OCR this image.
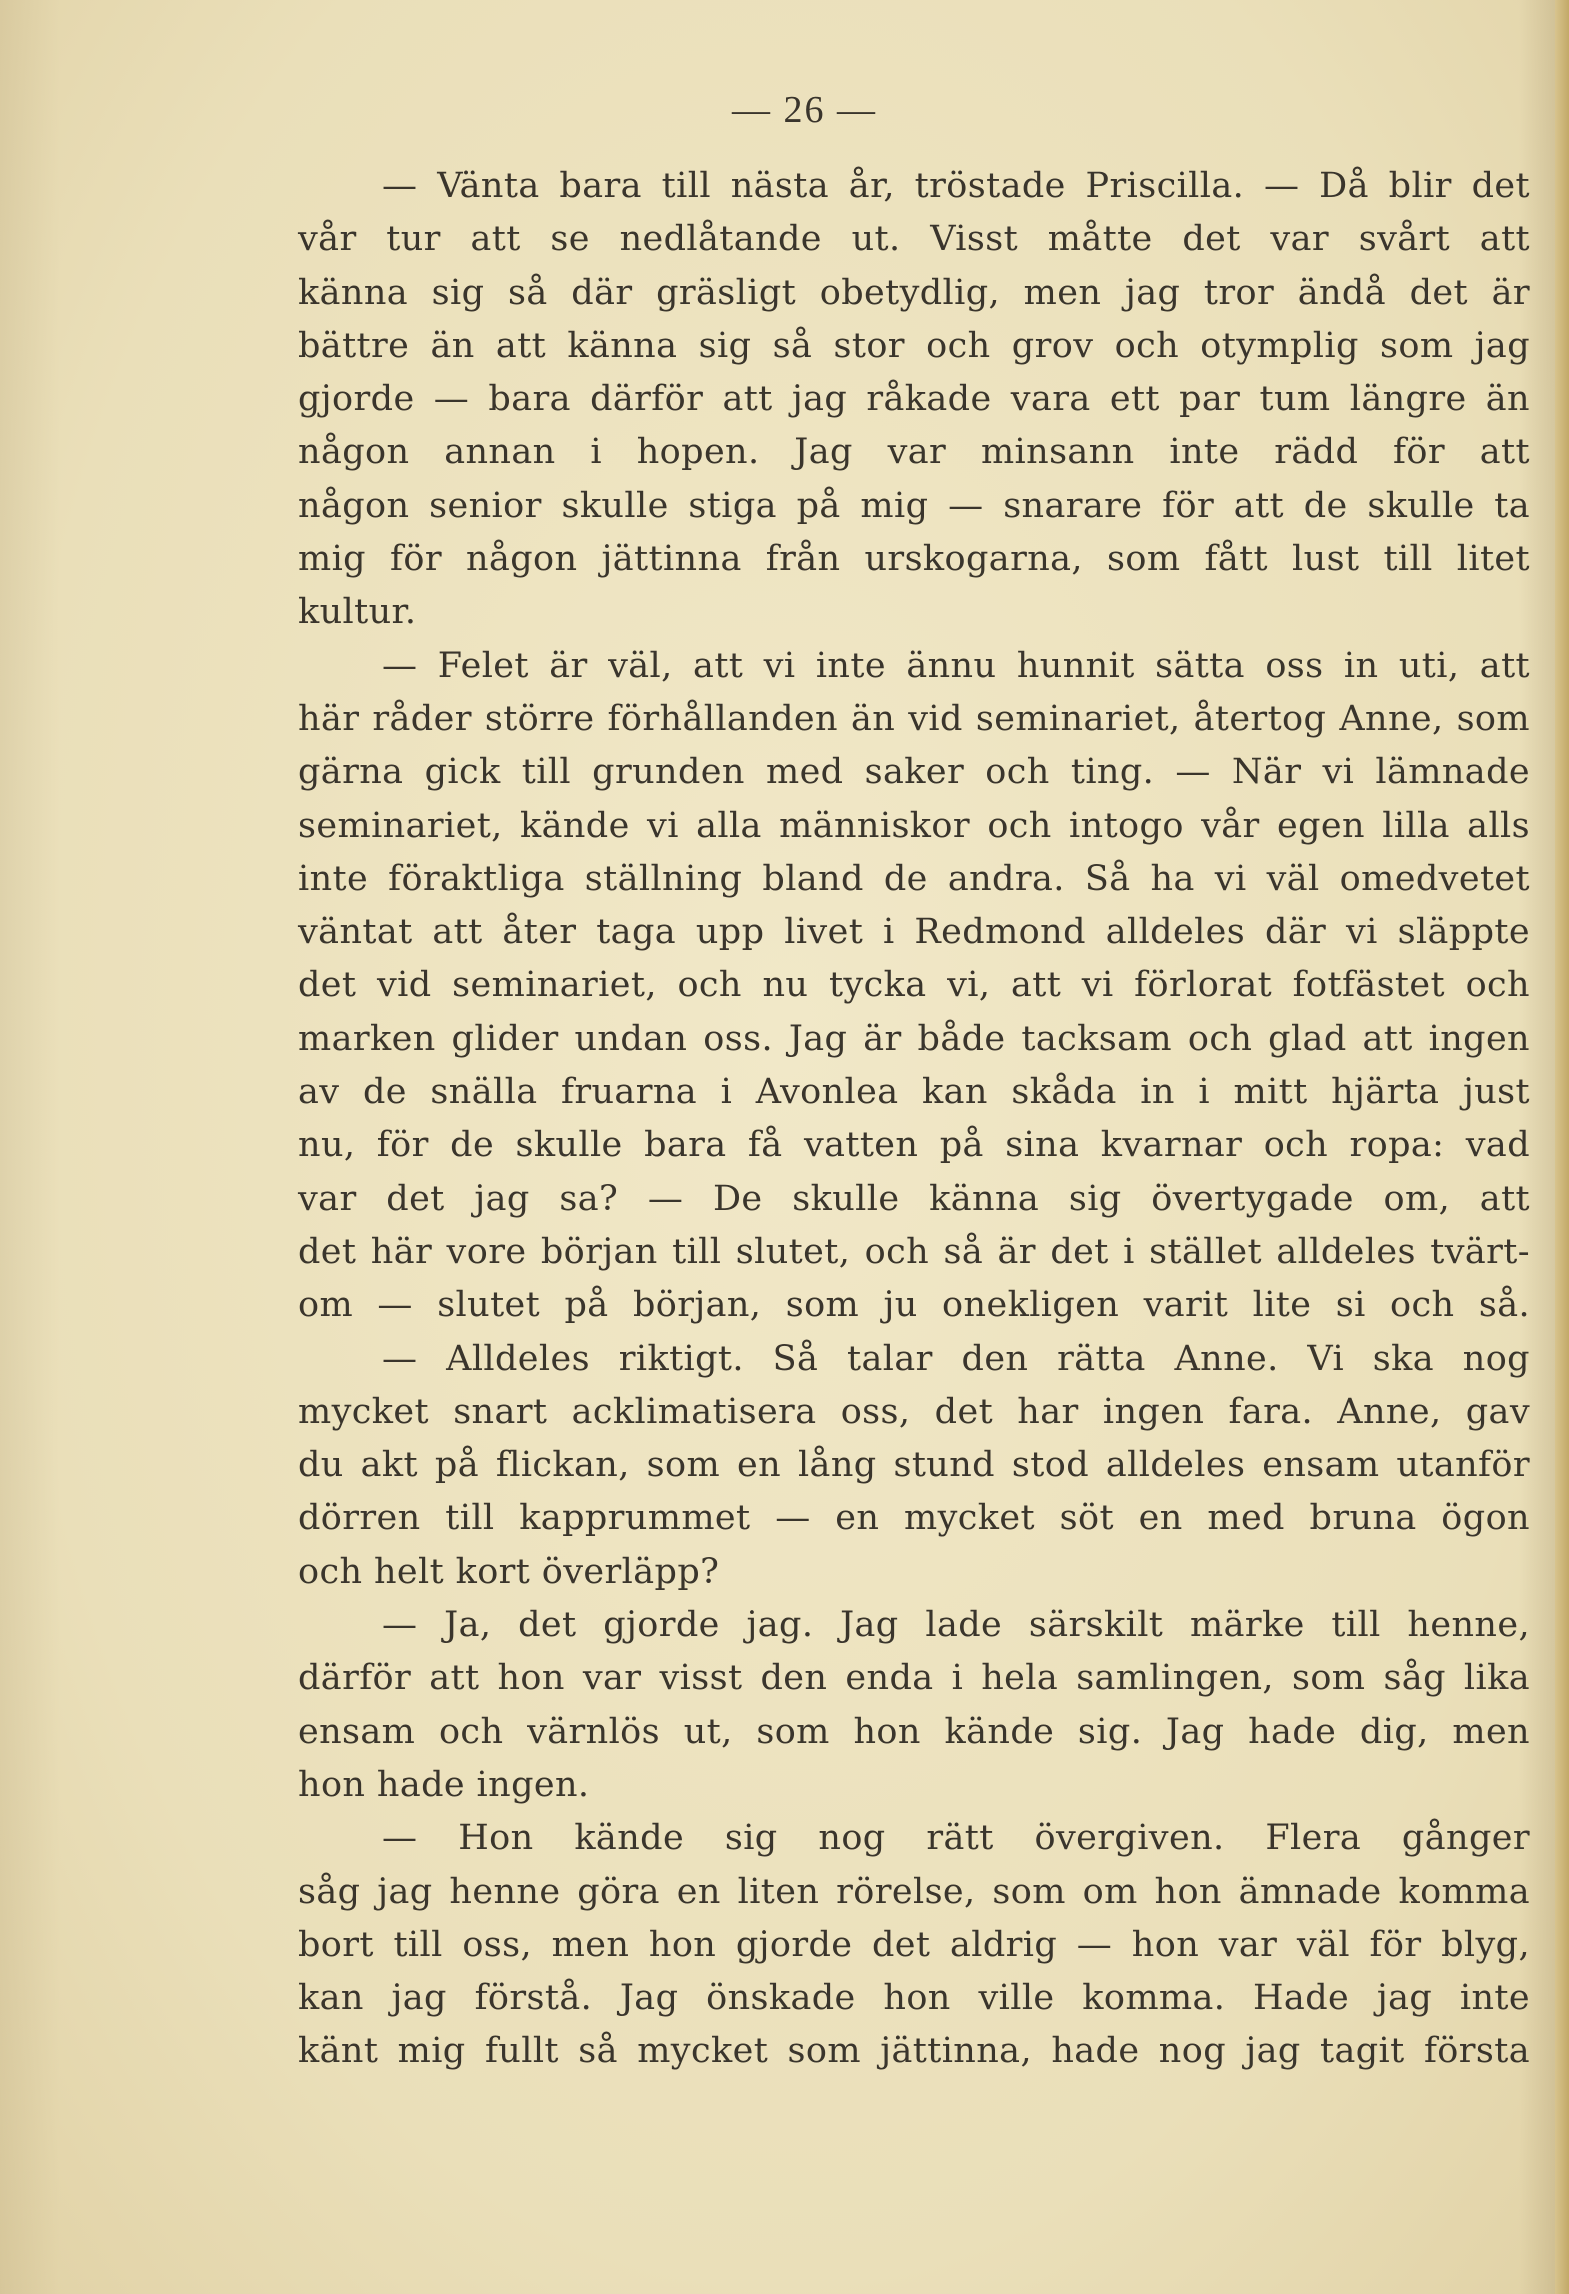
— 26 —
— Vänta bara till nästa år, tröstade Priscilla. — Då blir det
vår tur att se nedlåtande ut. Visst måtte det var svårt att
känna sig så där gräsligt obetydlig, men jag tror ändå det är
bättre än att känna sig så stor och grov och otymplig som jag
gjorde — bara därför att jag råkade vara ett par tum längre än
någon annan i hopen. Jag var minsann inte rädd för att
någon senior skulle stiga på mig — snarare för att de skulle ta
mig för någon jättinna från urskogarna, som fått lust till litet
kultur.
— Felet är väl, att vi inte ännu hunnit sätta oss in uti, att
här råder större förhållanden än vid seminariet, återtog Anne, som
gärna gick till grunden med saker och ting. — När vi lämnade
seminariet, kände vi alla människor och intogo vår egen lilla alls
inte föraktliga ställning bland de andra. Så ha vi väl omedvetet
väntat att åter taga upp livet i Redmond alldeles där vi släppte
det vid seminariet, och nu tycka vi, att vi förlorat fotfästet och
marken glider undan oss. Jag är både tacksam och glad att ingen
av de snälla fruarna i Avonlea kan skåda in i mitt hjärta just
nu, för de skulle bara få vatten på sina kvarnar och ropa: vad
var det jag sa? — De skulle känna sig övertygade om, att
det här vore början till slutet, och så är det i stället alldeles tvärt-
om — slutet på början, som ju onekligen varit lite si och så.
— Alldeles riktigt. Så talar den rätta Anne. Vi ska nog
mycket snart acklimatisera oss, det har ingen fara. Anne, gav
du akt på flickan, som en lång stund stod alldeles ensam utanför
dörren till kapprummet — en mycket söt en med bruna ögon
och helt kort överläpp?
— Ja, det gjorde jag. Jag lade särskilt märke till henne,
därför att hon var visst den enda i hela samlingen, som såg lika
ensam och värnlös ut, som hon kände sig. Jag hade dig, men
hon hade ingen.
— Hon kände sig nog rätt övergiven. Flera gånger
såg jag henne göra en liten rörelse, som om hon ämnade komma
bort till oss, men hon gjorde det aldrig — hon var väl för blyg,
kan jag förstå. Jag önskade hon ville komma. Hade jag inte
känt mig fullt så mycket som jättinna, hade nog jag tagit första
